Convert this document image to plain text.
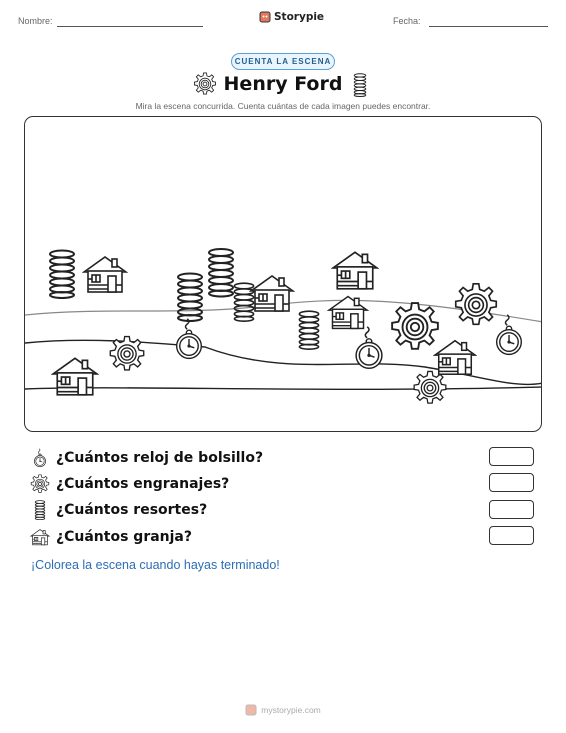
Nombre:	Storypie	Fecha:
CUENTA LA ESCENA
Henry Ford
Mira la escena concurrida. Cuenta cuántas de cada imagen puedes encontrar.
¿Cuántos reloj de bolsillo?
¿Cuántos engranajes?
¿Cuántos resortes?
¿Cuántos granja?
¡Colorea la escena cuando hayas terminado!
mystorypie.com
